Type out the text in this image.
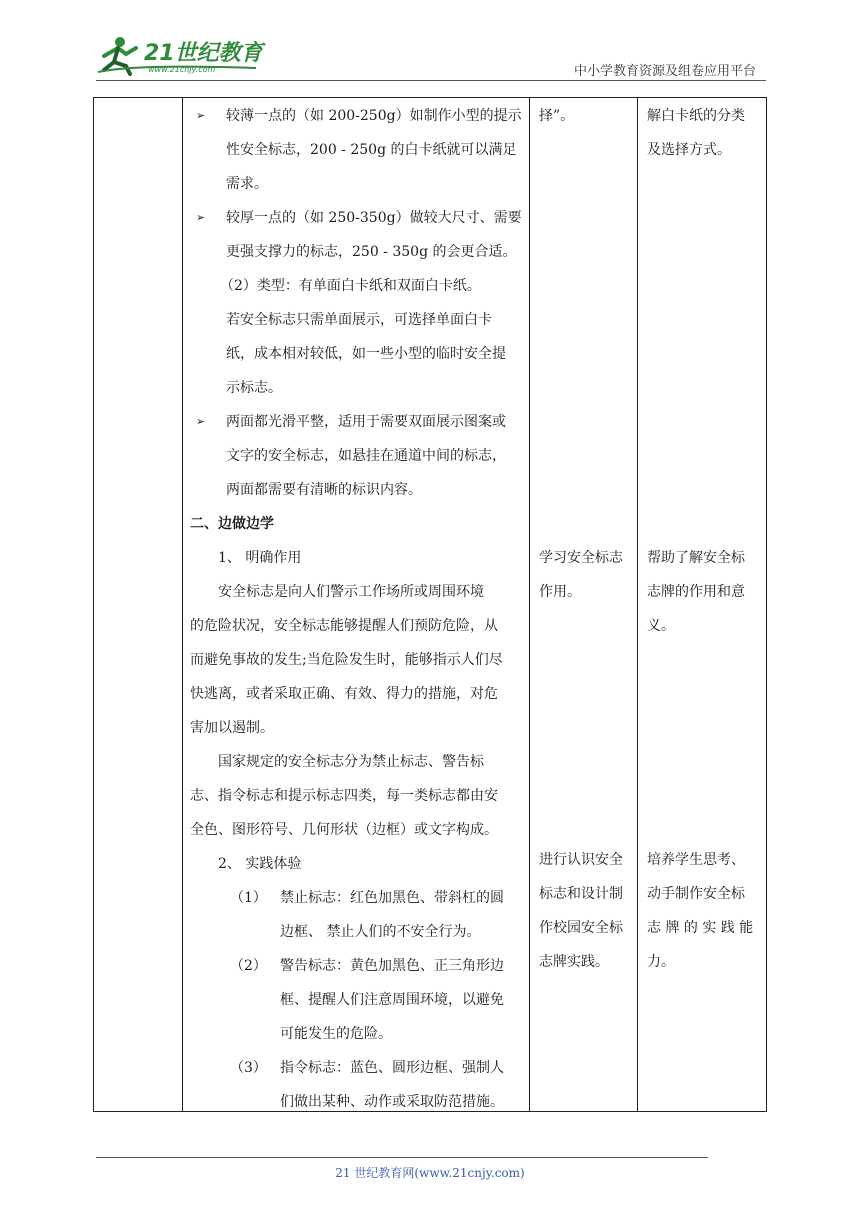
21世纪教育
www.21cnjy.com	中小学教育资源及组卷应用平台
➢ 较薄一点的（如 200-250g）如制作小型的提示

性安全标志，200 - 250g 的白卡纸就可以满足

需求。

➢ 较厚一点的（如 250-350g）做较大尺寸、需要

更强支撑力的标志，250 - 350g 的会更合适。

（2）类型：有单面白卡纸和双面白卡纸。

若安全标志只需单面展示，可选择单面白卡

纸，成本相对较低，如一些小型的临时安全提

示标志。

➢ 两面都光滑平整，适用于需要双面展示图案或

文字的安全标志，如悬挂在通道中间的标志，

两面都需要有清晰的标识内容。

二、边做边学

1、 明确作用

安全标志是向人们警示工作场所或周围环境

的危险状况，安全标志能够提醒人们预防危险，从

而避免事故的发生;当危险发生时，能够指示人们尽

快逃离，或者采取正确、有效、得力的措施，对危

害加以遏制。

国家规定的安全标志分为禁止标志、警告标

志、指令标志和提示标志四类，每一类标志都由安

全色、图形符号、几何形状（边框）或文字构成。

2、 实践体验

（1） 禁止标志：红色加黑色、带斜杠的圆

边框、 禁止人们的不安全行为。

（2） 警告标志：黄色加黑色、正三角形边

框、提醒人们注意周围环境，以避免

可能发生的危险。

（3） 指令标志：蓝色、圆形边框、强制人

们做出某种、动作或采取防范措施。

择”。

学习安全标志

作用。

进行认识安全

标志和设计制

作校园安全标

志牌实践。

解白卡纸的分类

及选择方式。

帮助了解安全标

志牌的作用和意

义。

培养学生思考、

动手制作安全标

志 牌 的 实 践 能

力。

21 世纪教育网(www.21cnjy.com)
